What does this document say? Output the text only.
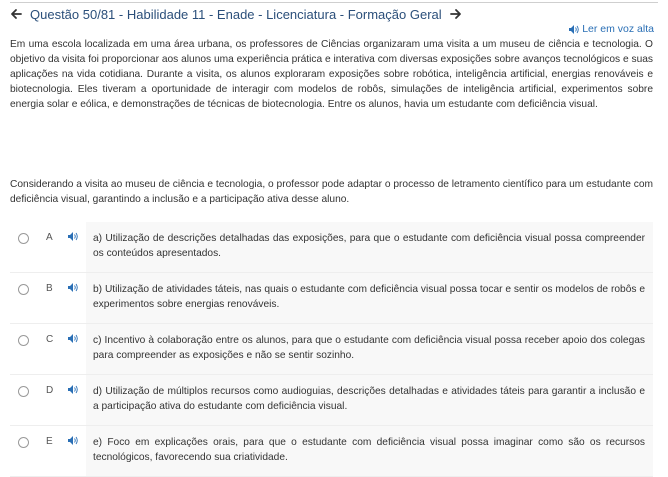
Questão 50/81 - Habilidade 11 - Enade - Licenciatura - Formação Geral
Ler em voz alta
Em uma escola localizada em uma área urbana, os professores de Ciências organizaram uma visita a um museu de ciência e tecnologia. O objetivo da visita foi proporcionar aos alunos uma experiência prática e interativa com diversas exposições sobre avanços tecnológicos e suas aplicações na vida cotidiana. Durante a visita, os alunos exploraram exposições sobre robótica, inteligência artificial, energias renováveis e biotecnologia. Eles tiveram a oportunidade de interagir com modelos de robôs, simulações de inteligência artificial, experimentos sobre energia solar e eólica, e demonstrações de técnicas de biotecnologia. Entre os alunos, havia um estudante com deficiência visual.
Considerando a visita ao museu de ciência e tecnologia, o professor pode adaptar o processo de letramento científico para um estudante com deficiência visual, garantindo a inclusão e a participação ativa desse aluno.
A	a) Utilização de descrições detalhadas das exposições, para que o estudante com deficiência visual possa compreender os conteúdos apresentados.
B	b) Utilização de atividades táteis, nas quais o estudante com deficiência visual possa tocar e sentir os modelos de robôs e experimentos sobre energias renováveis.
C	c) Incentivo à colaboração entre os alunos, para que o estudante com deficiência visual possa receber apoio dos colegas para compreender as exposições e não se sentir sozinho.
D	d) Utilização de múltiplos recursos como audioguias, descrições detalhadas e atividades táteis para garantir a inclusão e a participação ativa do estudante com deficiência visual.
E	e) Foco em explicações orais, para que o estudante com deficiência visual possa imaginar como são os recursos tecnológicos, favorecendo sua criatividade.
